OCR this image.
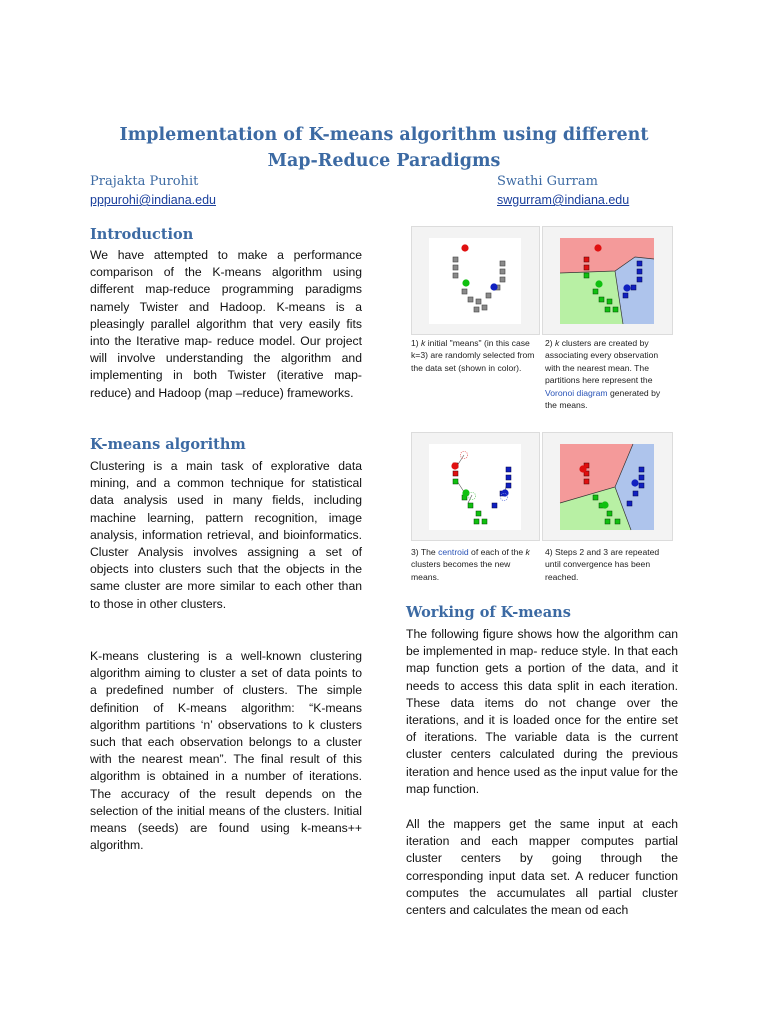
Implementation of K-means algorithm using different Map-Reduce Paradigms
Prajakta Purohit
pppurohi@indiana.edu
Swathi Gurram
swgurram@indiana.edu
Introduction

We have attempted to make a performance comparison of the K-means algorithm using different map-reduce programming paradigms namely Twister and Hadoop. K-means is a pleasingly parallel algorithm that very easily fits into the Iterative map- reduce model. Our project will involve understanding the algorithm and implementing in both Twister (iterative map-reduce) and Hadoop (map –reduce) frameworks.

K-means algorithm

Clustering is a main task of explorative data mining, and a common technique for statistical data analysis used in many fields, including machine learning, pattern recognition, image analysis, information retrieval, and bioinformatics. Cluster Analysis involves assigning a set of objects into clusters such that the objects in the same cluster are more similar to each other than to those in other clusters.

K-means clustering is a well-known clustering algorithm aiming to cluster a set of data points to a predefined number of clusters. The simple definition of K-means algorithm: “K-means algorithm partitions ‘n’ observations to k clusters such that each observation belongs to a cluster with the nearest mean”. The final result of this algorithm is obtained in a number of iterations. The accuracy of the result depends on the selection of the initial means of the clusters. Initial means (seeds) are found using k-means++ algorithm.

1) k initial "means" (in this case k=3) are randomly selected from the data set (shown in color).
2) k clusters are created by associating every observation with the nearest mean. The partitions here represent the Voronoi diagram generated by the means.
3) The centroid of each of the k clusters becomes the new means.
4) Steps 2 and 3 are repeated until convergence has been reached.
Working of K-means

The following figure shows how the algorithm can be implemented in map- reduce style. In that each map function gets a portion of the data, and it needs to access this data split in each iteration. These data items do not change over the iterations, and it is loaded once for the entire set of iterations. The variable data is the current cluster centers calculated during the previous iteration and hence used as the input value for the map function.

All the mappers get the same input at each iteration and each mapper computes partial cluster centers by going through the corresponding input data set. A reducer function computes the accumulates all partial cluster centers and calculates the mean od each
